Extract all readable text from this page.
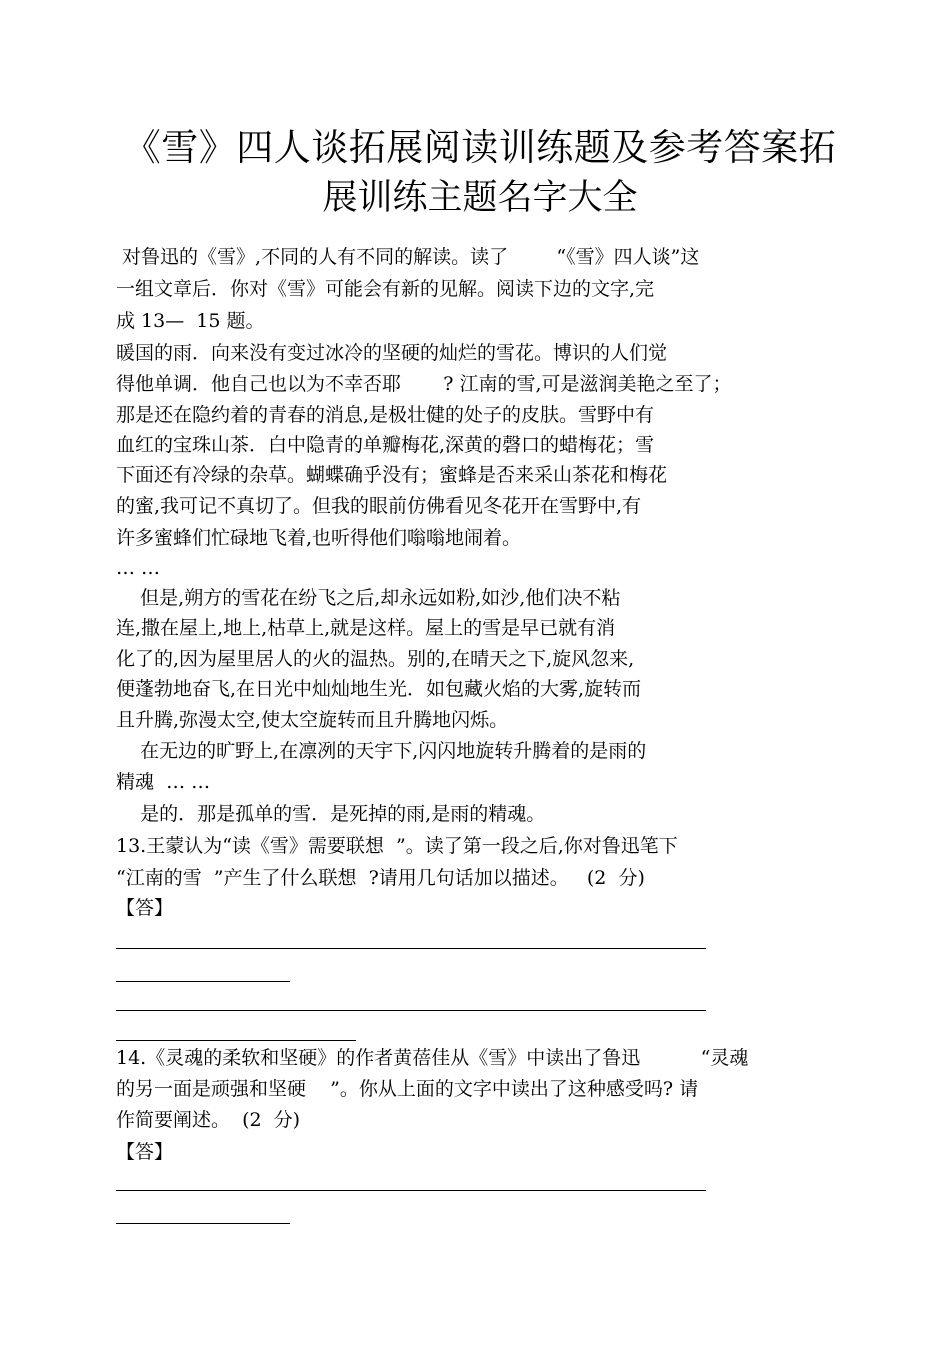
《雪》四人谈拓展阅读训练题及参考答案拓
展训练主题名字大全
对鲁迅的《雪》,不同的人有不同的解读。读了        “《雪》四人谈”这
一组文章后．你对《雪》可能会有新的见解。阅读下边的文字,完
成 13—  15 题。
暖国的雨．向来没有变过冰冷的坚硬的灿烂的雪花。博识的人们觉
得他单调．他自己也以为不幸否耶       ? 江南的雪,可是滋润美艳之至了；
那是还在隐约着的青春的消息,是极壮健的处子的皮肤。雪野中有
血红的宝珠山茶．白中隐青的单瓣梅花,深黄的磬口的蜡梅花；雪
下面还有冷绿的杂草。蝴蝶确乎没有；蜜蜂是否来采山茶花和梅花
的蜜,我可记不真切了。但我的眼前仿佛看见冬花开在雪野中,有
许多蜜蜂们忙碌地飞着,也听得他们嗡嗡地闹着。
… …
但是,朔方的雪花在纷飞之后,却永远如粉,如沙,他们决不粘
连,撒在屋上,地上,枯草上,就是这样。屋上的雪是早已就有消
化了的,因为屋里居人的火的温热。别的,在晴天之下,旋风忽来,
便蓬勃地奋飞,在日光中灿灿地生光．如包藏火焰的大雾,旋转而
且升腾,弥漫太空,使太空旋转而且升腾地闪烁。
在无边的旷野上,在凛冽的天宇下,闪闪地旋转升腾着的是雨的
精魂  … …
是的．那是孤单的雪．是死掉的雨,是雨的精魂。
13.王蒙认为“读《雪》需要联想  ”。读了第一段之后,你对鲁迅笔下
“江南的雪  ”产生了什么联想  ?请用几句话加以描述。   (2  分)
【答】
14.《灵魂的柔软和坚硬》的作者黄蓓佳从《雪》中读出了鲁迅          “灵魂
的另一面是顽强和坚硬    ”。你从上面的文字中读出了这种感受吗? 请
作简要阐述。  (2  分)
【答】
